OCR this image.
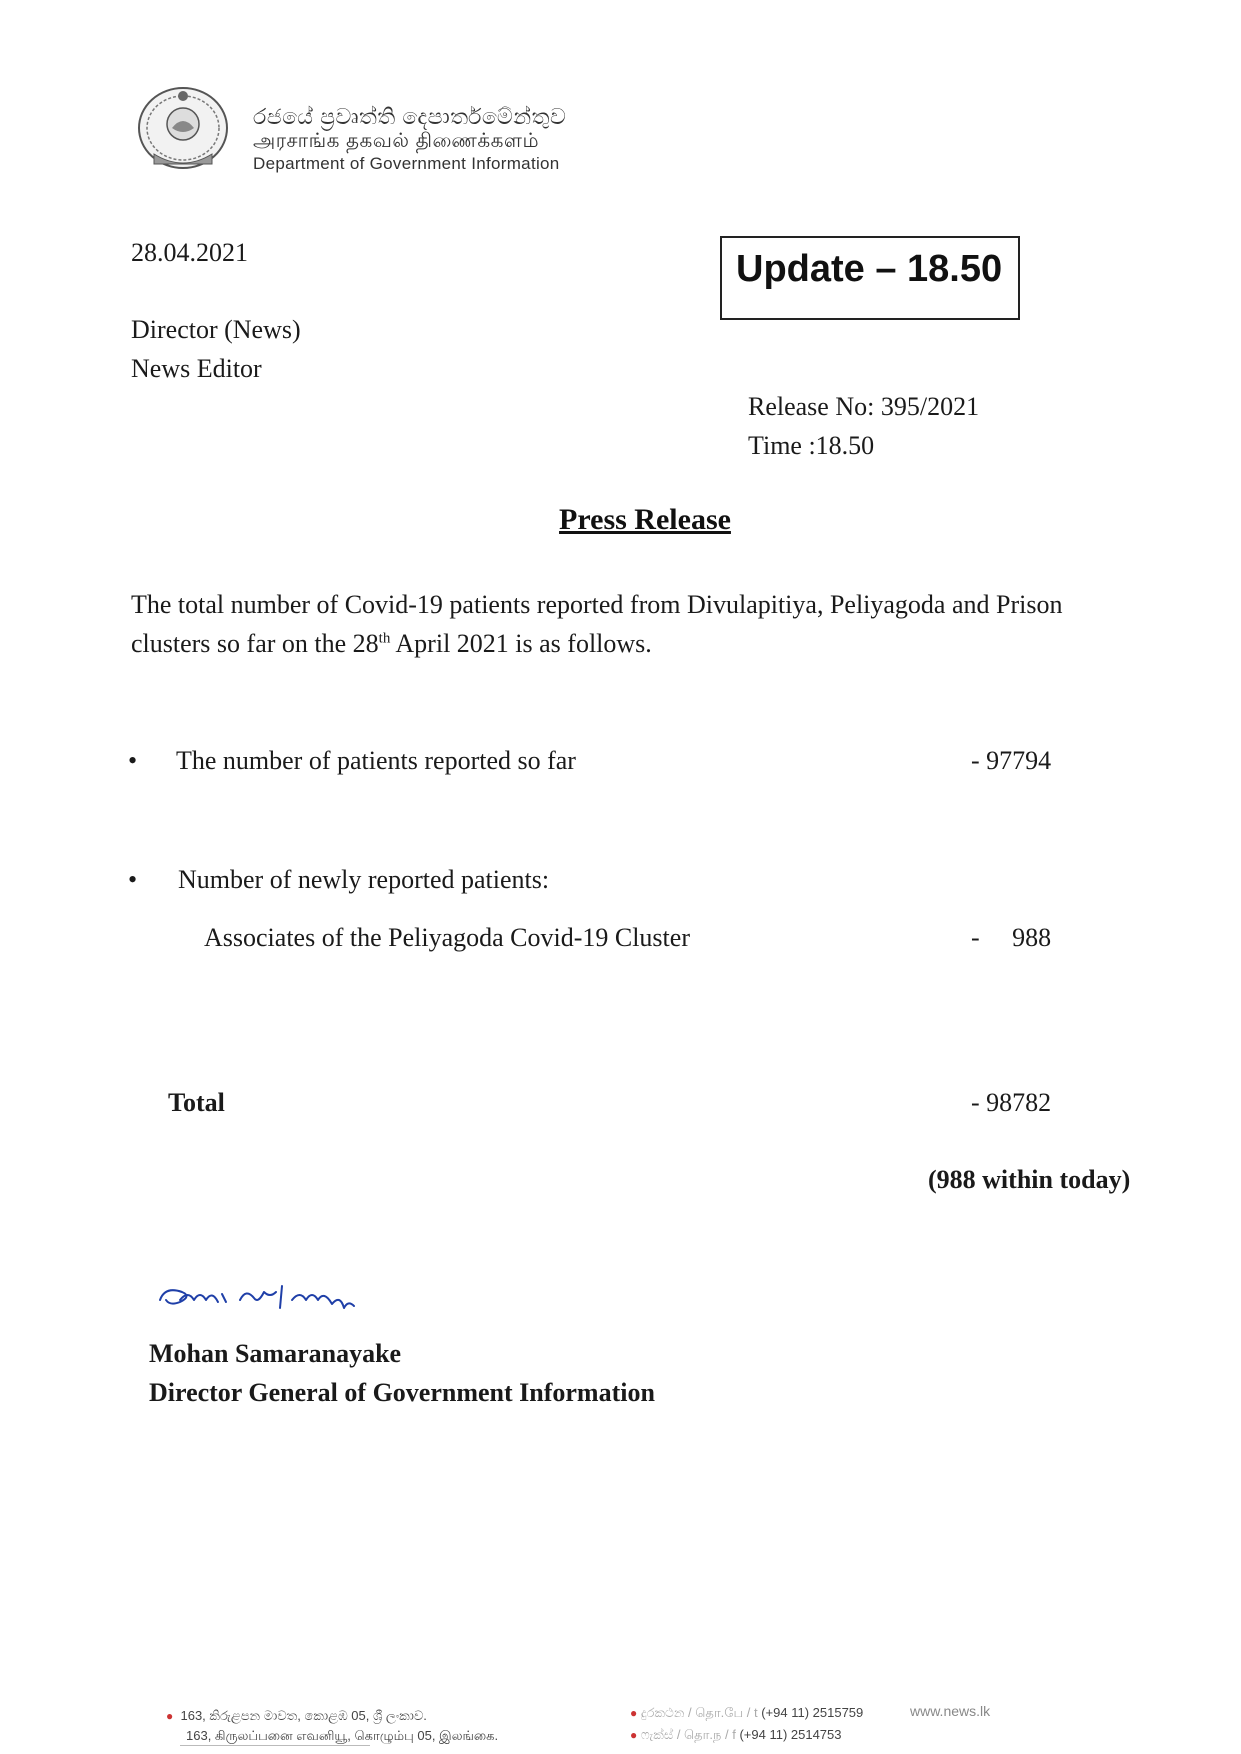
රජයේ ප්‍රවෘත්ති දෙපාර්තමේන්තුව
அரசாங்க தகவல் திணைக்களம்
Department of Government Information
28.04.2021
Director (News)
News Editor
Update – 18.50
Release No: 395/2021
Time :18.50
Press Release
The total number of Covid-19 patients reported from Divulapitiya, Peliyagoda and Prison
clusters so far on the 28th April 2021 is as follows.
• The number of patients reported so far	- 97794
• Number of newly reported patients:
Associates of the Peliyagoda Covid-19 Cluster	-     988
Total	- 98782
(988 within today)
Mohan Samaranayake
Director General of Government Information
● 163, කිරුළපන මාවත, කොළඹ 05, ශ්‍රී ලංකාව.
163, கிருலப்பனை எவனியூ, கொழும்பு 05, இலங்கை.
● දුරකථන / தொ.பே / t (+94 11) 2515759
● ෆැක්ස් / தொ.ந / f (+94 11) 2514753
www.news.lk
